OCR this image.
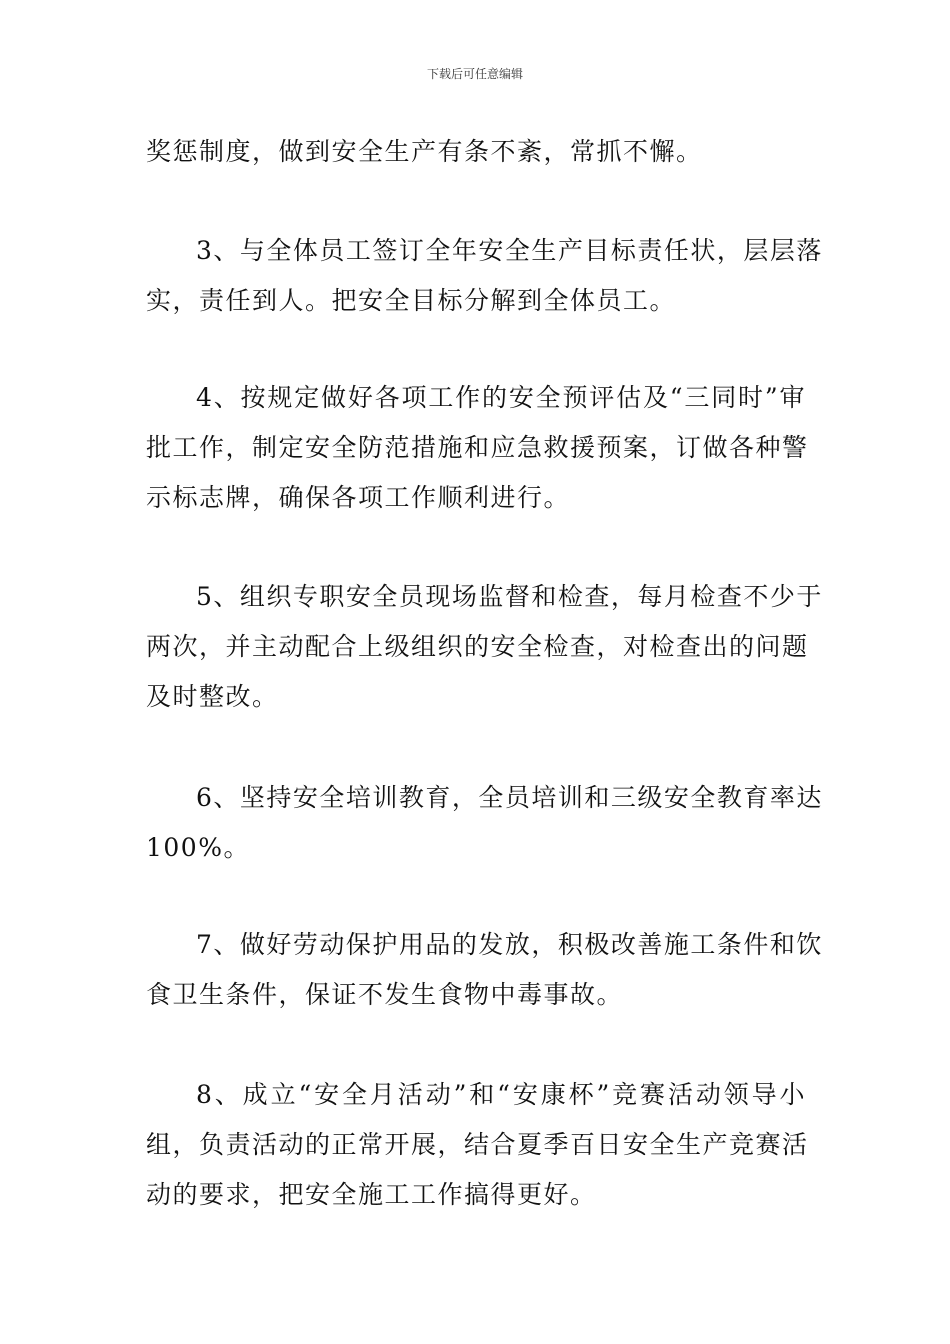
下载后可任意编辑
奖惩制度，做到安全生产有条不紊，常抓不懈。
3、与全体员工签订全年安全生产目标责任状，层层落
实，责任到人。把安全目标分解到全体员工。
4、按规定做好各项工作的安全预评估及“三同时”审
批工作，制定安全防范措施和应急救援预案，订做各种警
示标志牌，确保各项工作顺利进行。
5、组织专职安全员现场监督和检查，每月检查不少于
两次，并主动配合上级组织的安全检查，对检查出的问题
及时整改。
6、坚持安全培训教育，全员培训和三级安全教育率达
100%。
7、做好劳动保护用品的发放，积极改善施工条件和饮
食卫生条件，保证不发生食物中毒事故。
8、成立“安全月活动”和“安康杯”竞赛活动领导小
组，负责活动的正常开展，结合夏季百日安全生产竞赛活
动的要求，把安全施工工作搞得更好。
